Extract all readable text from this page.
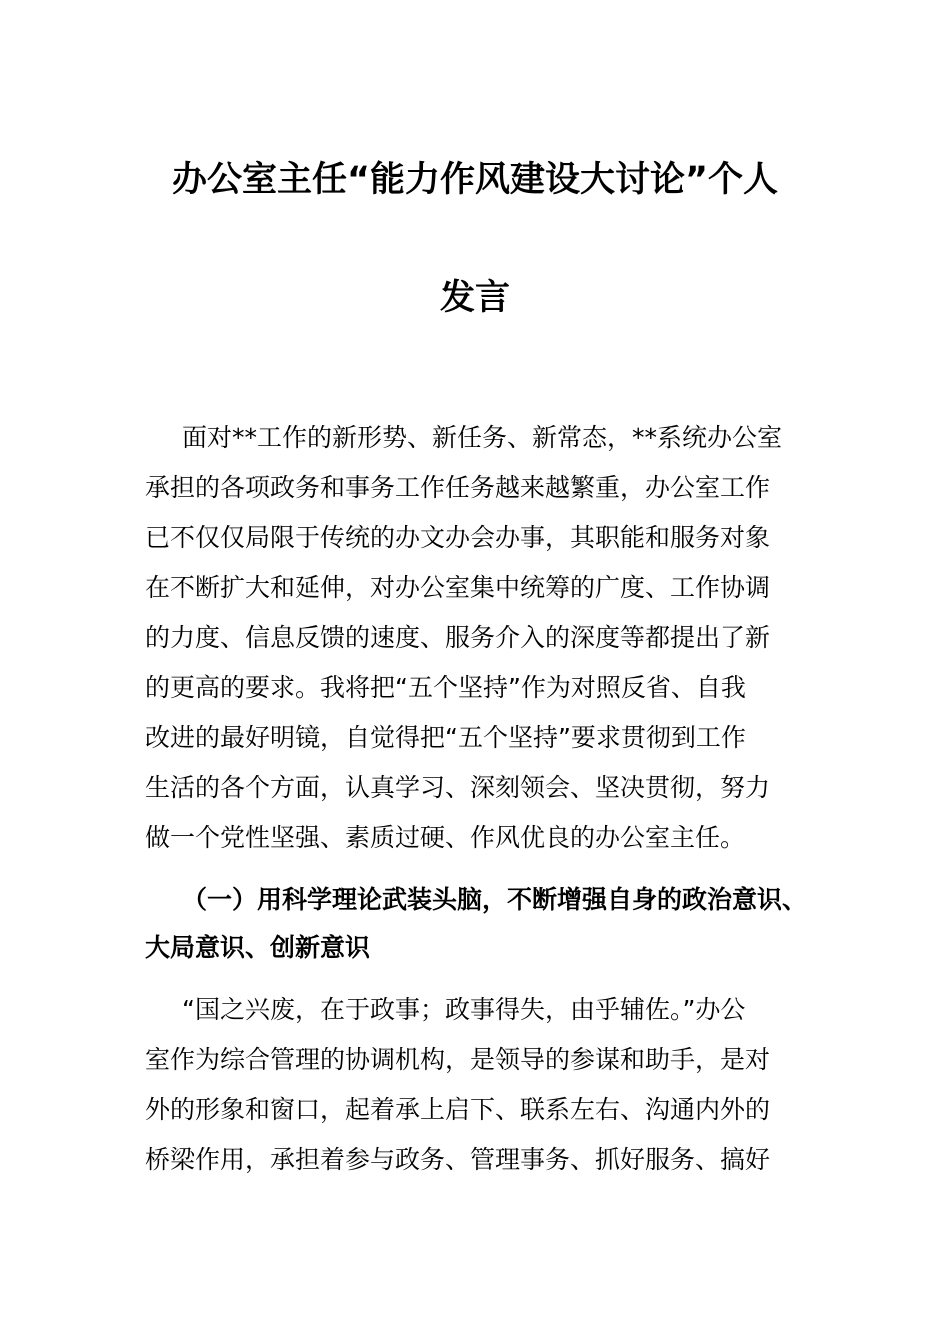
办公室主任“能力作风建设大讨论”个人
发言
面对**工作的新形势、新任务、新常态，**系统办公室
承担的各项政务和事务工作任务越来越繁重，办公室工作
已不仅仅局限于传统的办文办会办事，其职能和服务对象
在不断扩大和延伸，对办公室集中统筹的广度、工作协调
的力度、信息反馈的速度、服务介入的深度等都提出了新
的更高的要求。我将把“五个坚持”作为对照反省、自我
改进的最好明镜，自觉得把“五个坚持”要求贯彻到工作
生活的各个方面，认真学习、深刻领会、坚决贯彻，努力
做一个党性坚强、素质过硬、作风优良的办公室主任。
（一）用科学理论武装头脑，不断增强自身的政治意识、
大局意识、创新意识
“国之兴废，在于政事；政事得失，由乎辅佐。”办公
室作为综合管理的协调机构，是领导的参谋和助手，是对
外的形象和窗口，起着承上启下、联系左右、沟通内外的
桥梁作用，承担着参与政务、管理事务、抓好服务、搞好
